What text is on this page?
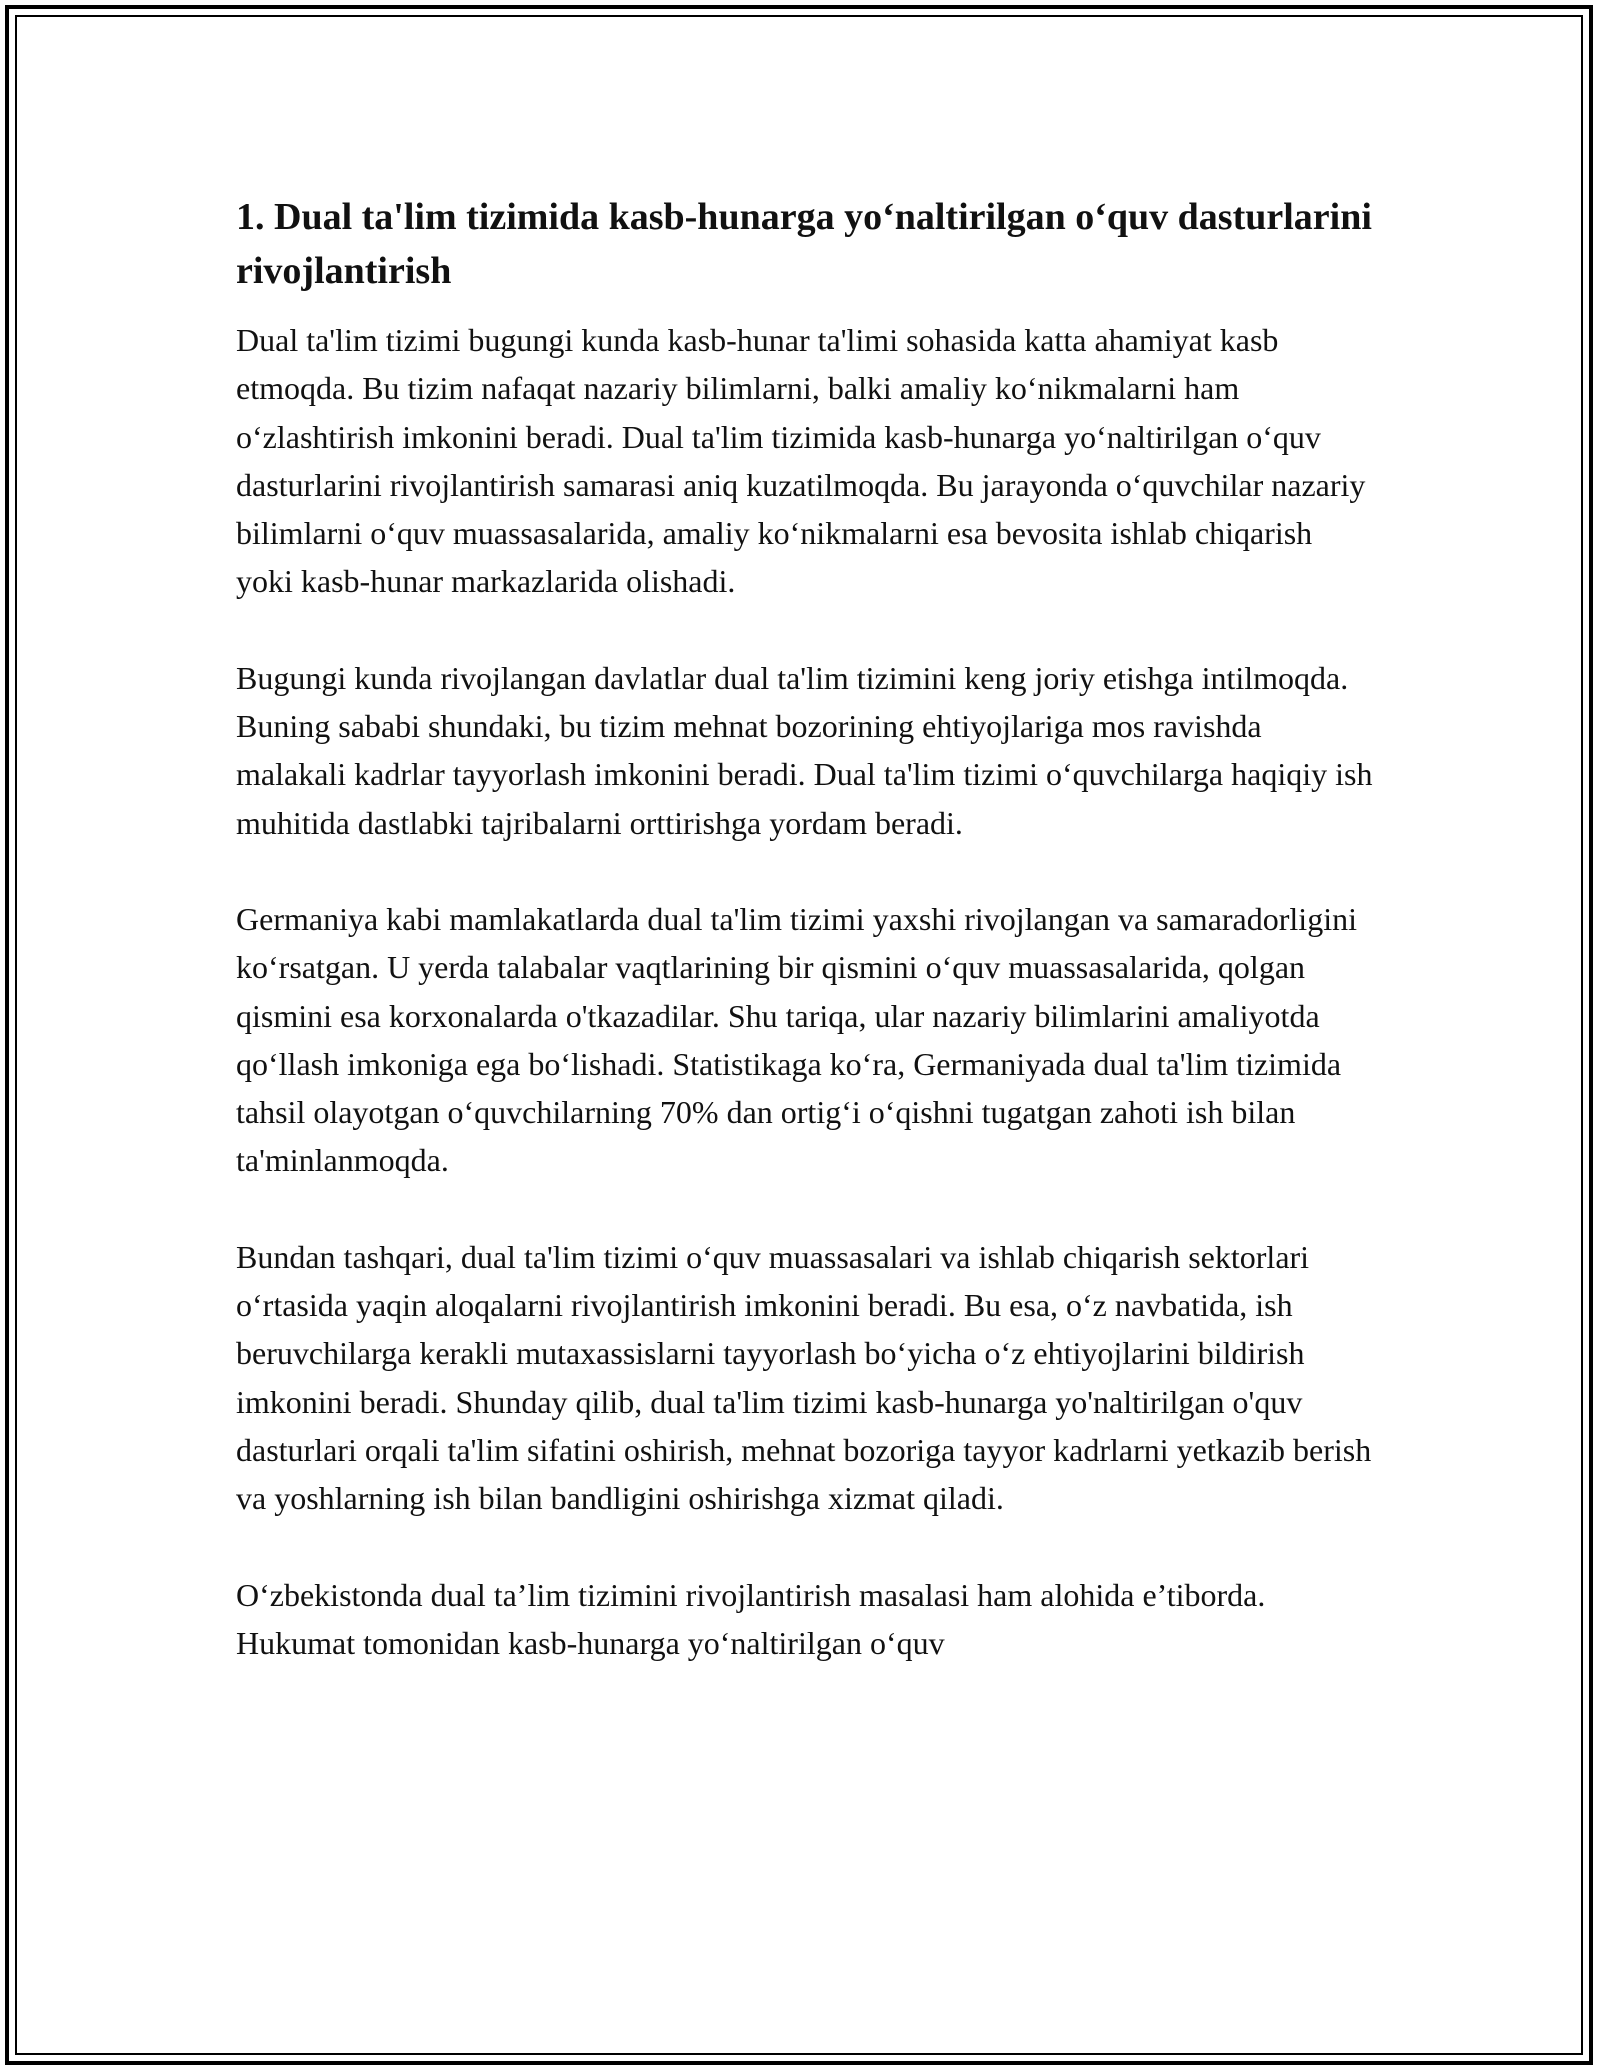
1. Dual ta'lim tizimida kasb-hunarga yo‘naltirilgan o‘quv dasturlarini rivojlantirish

Dual ta'lim tizimi bugungi kunda kasb-hunar ta'limi sohasida katta ahamiyat kasb etmoqda. Bu tizim nafaqat nazariy bilimlarni, balki amaliy ko‘nikmalarni ham o‘zlashtirish imkonini beradi. Dual ta'lim tizimida kasb-hunarga yo‘naltirilgan o‘quv dasturlarini rivojlantirish samarasi aniq kuzatilmoqda. Bu jarayonda o‘quvchilar nazariy bilimlarni o‘quv muassasalarida, amaliy ko‘nikmalarni esa bevosita ishlab chiqarish yoki kasb-hunar markazlarida olishadi.

Bugungi kunda rivojlangan davlatlar dual ta'lim tizimini keng joriy etishga intilmoqda. Buning sababi shundaki, bu tizim mehnat bozorining ehtiyojlariga mos ravishda malakali kadrlar tayyorlash imkonini beradi. Dual ta'lim tizimi o‘quvchilarga haqiqiy ish muhitida dastlabki tajribalarni orttirishga yordam beradi.

Germaniya kabi mamlakatlarda dual ta'lim tizimi yaxshi rivojlangan va samaradorligini ko‘rsatgan. U yerda talabalar vaqtlarining bir qismini o‘quv muassasalarida, qolgan qismini esa korxonalarda o'tkazadilar. Shu tariqa, ular nazariy bilimlarini amaliyotda qo‘llash imkoniga ega bo‘lishadi. Statistikaga ko‘ra, Germaniyada dual ta'lim tizimida tahsil olayotgan o‘quvchilarning 70% dan ortig‘i o‘qishni tugatgan zahoti ish bilan ta'minlanmoqda.

Bundan tashqari, dual ta'lim tizimi o‘quv muassasalari va ishlab chiqarish sektorlari o‘rtasida yaqin aloqalarni rivojlantirish imkonini beradi. Bu esa, o‘z navbatida, ish beruvchilarga kerakli mutaxassislarni tayyorlash bo‘yicha o‘z ehtiyojlarini bildirish imkonini beradi. Shunday qilib, dual ta'lim tizimi kasb-hunarga yo'naltirilgan o'quv dasturlari orqali ta'lim sifatini oshirish, mehnat bozoriga tayyor kadrlarni yetkazib berish va yoshlarning ish bilan bandligini oshirishga xizmat qiladi.

O‘zbekistonda dual ta’lim tizimini rivojlantirish masalasi ham alohida e’tiborda. Hukumat tomonidan kasb-hunarga yo‘naltirilgan o‘quv
